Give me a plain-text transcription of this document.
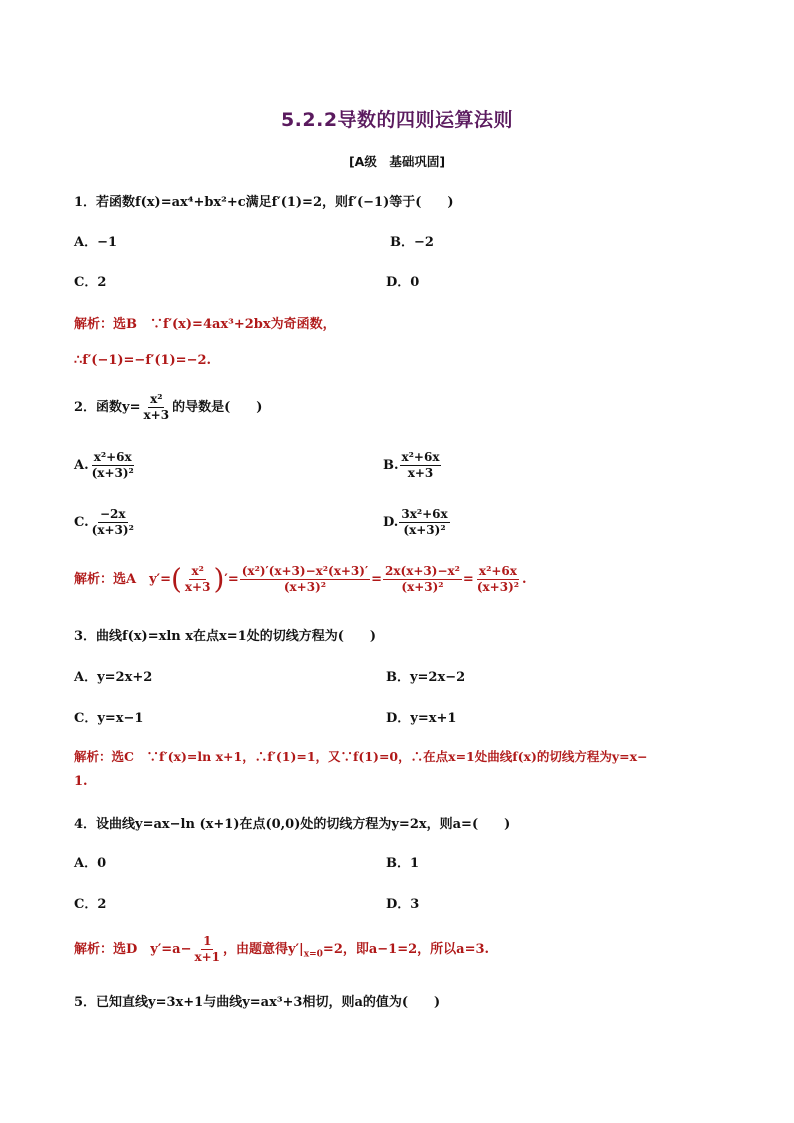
5.2.2导数的四则运算法则
[A级　基础巩固]
1．若函数f(x)=ax⁴+bx²+c满足f′(1)=2，则f′(−1)等于(　　)
A．−1	B．−2
C．2	D．0
解析：选B　∵f′(x)=4ax³+2bx为奇函数，
∴f′(−1)=−f′(1)=−2.
2．函数$y= \frac{\text{x²}}{x+3}$ 的导数是(　　)
A. $\frac{\text{x²+6x}}{\text{(x+3)²}}$	B. $\frac{\text{x²+6x}}{x+3}$
C. $\frac{-2x}{\text{(x+3)²}}$	D. $\frac{\text{3x²+6x}}{\text{(x+3)²}}$
解析：选A　$y'=( \frac{\text{x²}}{x+3}$ )′= $\frac{\text{(x²)′(x+3)−x²(x+3)′}}{\text{(x+3)²}} = \frac{\text{2x(x+3)−x²}}{\text{(x+3)²}} = \frac{\text{x²+6x}}{\text{(x+3)²}}$ .
3．曲线f(x)=xln x在点x=1处的切线方程为(　　)
A．y=2x+2	B．y=2x−2
C．y=x−1	D．y=x+1
解析：选C　∵f′(x)=ln x+1，∴f′(1)=1，又∵f(1)=0，∴在点x=1处曲线f(x)的切线方程为y=x−
1.
4．设曲线y=ax−ln (x+1)在点(0,0)处的切线方程为y=2x，则a=(　　)
A．0	B．1
C．2	D．3
解析：选D　$y'=a- \frac{1}{x+1}$ ，由题意得$y'|_{x=0}=2$，即a−1=2，所以a=3.
5．已知直线y=3x+1与曲线y=ax³+3相切，则a的值为(　　)
